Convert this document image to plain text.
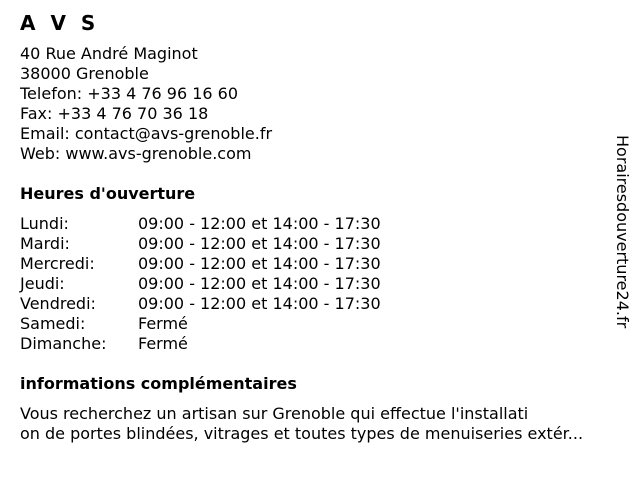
A V S
40 Rue André Maginot
38000 Grenoble
Telefon: +33 4 76 96 16 60
Fax: +33 4 76 70 36 18
Email: contact@avs-grenoble.fr
Web: www.avs-grenoble.com
Heures d'ouverture
Lundi:	09:00 - 12:00 et 14:00 - 17:30
Mardi:	09:00 - 12:00 et 14:00 - 17:30
Mercredi:	09:00 - 12:00 et 14:00 - 17:30
Jeudi:	09:00 - 12:00 et 14:00 - 17:30
Vendredi:	09:00 - 12:00 et 14:00 - 17:30
Samedi:	Fermé
Dimanche:	Fermé
informations complémentaires
Vous recherchez un artisan sur Grenoble qui effectue l'installati
on de portes blindées, vitrages et toutes types de menuiseries extér...
Horairesdouverture24.fr
